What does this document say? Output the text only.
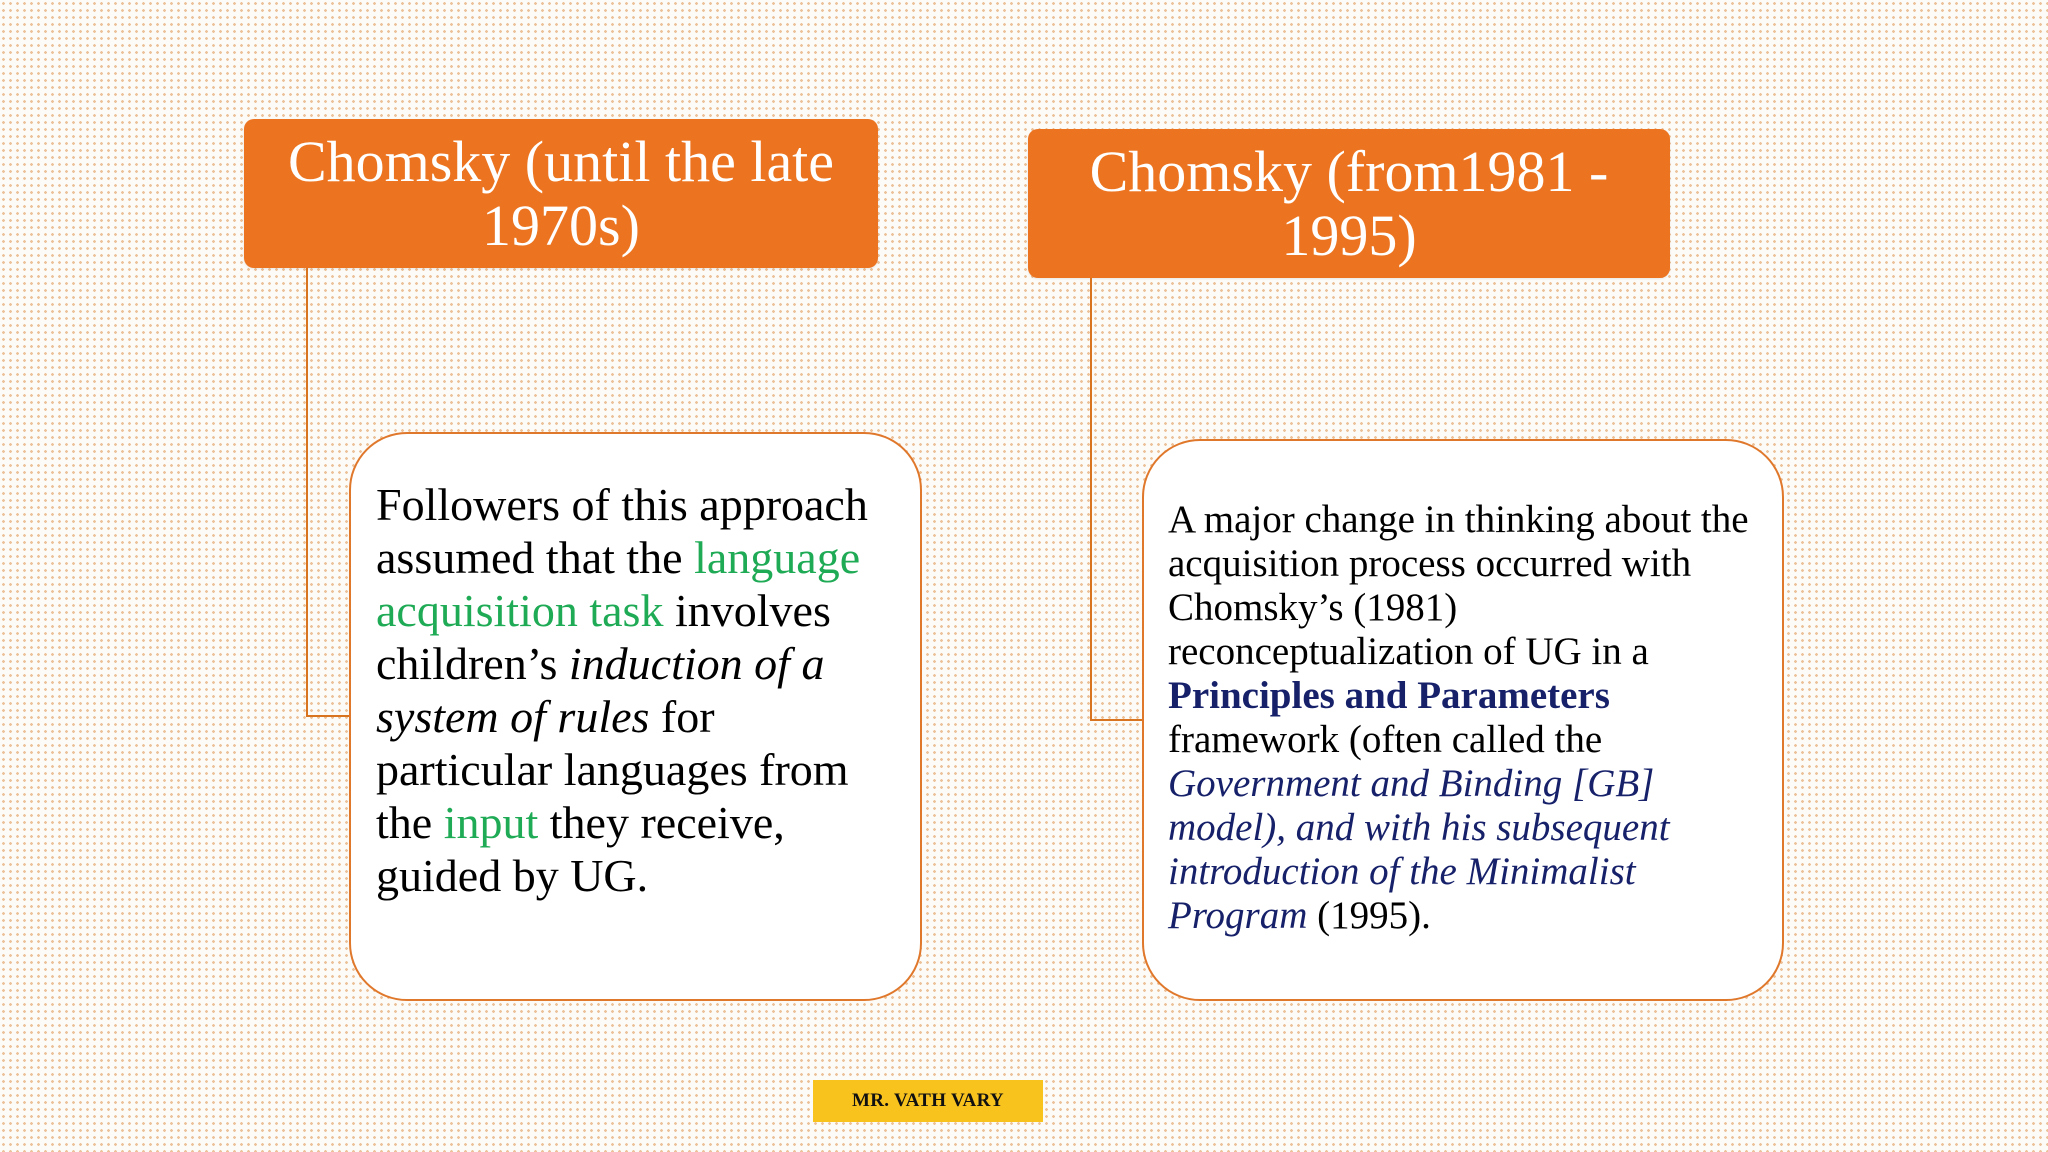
Chomsky (until the late 1970s)
Chomsky (from1981 - 1995)
Followers of this approach assumed that the language acquisition task involves children’s induction of a system of rules for particular languages from the input they receive, guided by UG.
A major change in thinking about the acquisition process occurred with Chomsky’s (1981) reconceptualization of UG in a Principles and Parameters framework (often called the Government and Binding [GB] model), and with his subsequent introduction of the Minimalist Program (1995).
MR. VATH VARY
